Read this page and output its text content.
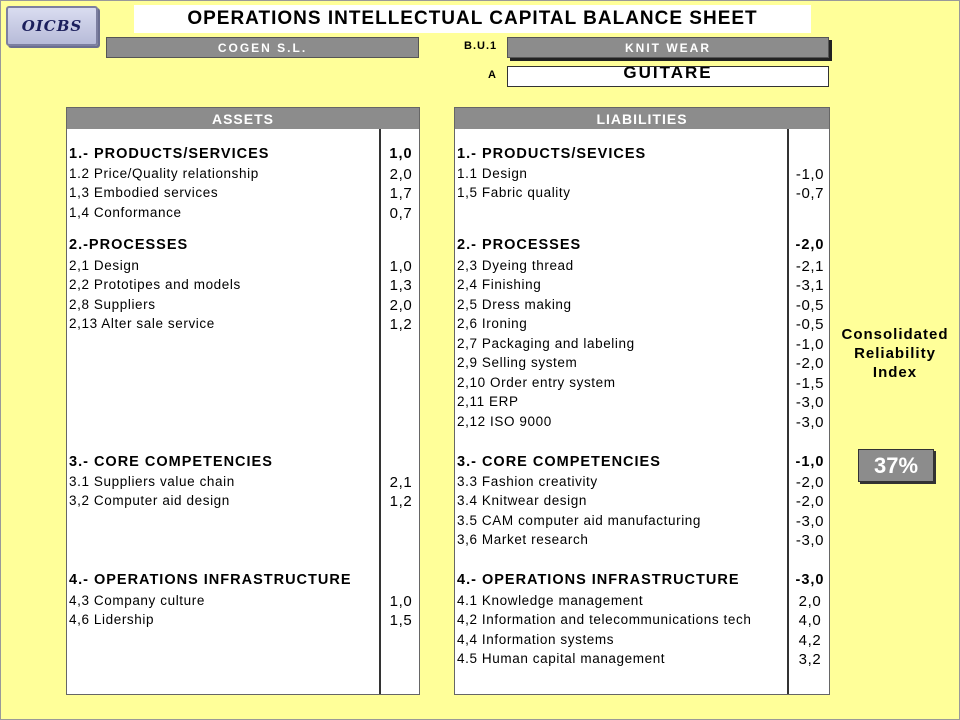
OICBS	OPERATIONS INTELLECTUAL CAPITAL BALANCE SHEET
COGEN S.L.	B.U.1	KNIT WEAR
A	GUITARE
ASSETS
1.- PRODUCTS/SERVICES	1,0
1.2 Price/Quality relationship	2,0
1,3 Embodied services	1,7
1,4 Conformance	0,7
2.-PROCESSES
2,1 Design	1,0
2,2 Prototipes and models	1,3
2,8 Suppliers	2,0
2,13 Alter sale service	1,2
3.- CORE COMPETENCIES
3.1 Suppliers value chain	2,1
3,2 Computer aid design	1,2
4.- OPERATIONS INFRASTRUCTURE
4,3 Company culture	1,0
4,6 Lidership	1,5
LIABILITIES
1.- PRODUCTS/SEVICES
1.1 Design	-1,0
1,5 Fabric quality	-0,7
2.- PROCESSES	-2,0
2,3 Dyeing thread	-2,1
2,4 Finishing	-3,1
2,5 Dress making	-0,5
2,6 Ironing	-0,5
2,7 Packaging and labeling	-1,0
2,9 Selling system	-2,0
2,10 Order entry system	-1,5
2,11 ERP	-3,0
2,12 ISO 9000	-3,0
3.- CORE COMPETENCIES	-1,0
3.3 Fashion creativity	-2,0
3.4 Knitwear design	-2,0
3.5 CAM computer aid manufacturing	-3,0
3,6 Market research	-3,0
4.- OPERATIONS INFRASTRUCTURE	-3,0
4.1 Knowledge management	2,0
4,2 Information and telecommunications tech	4,0
4,4 Information systems	4,2
4.5 Human capital management	3,2
Consolidated
Reliability
Index
37%
